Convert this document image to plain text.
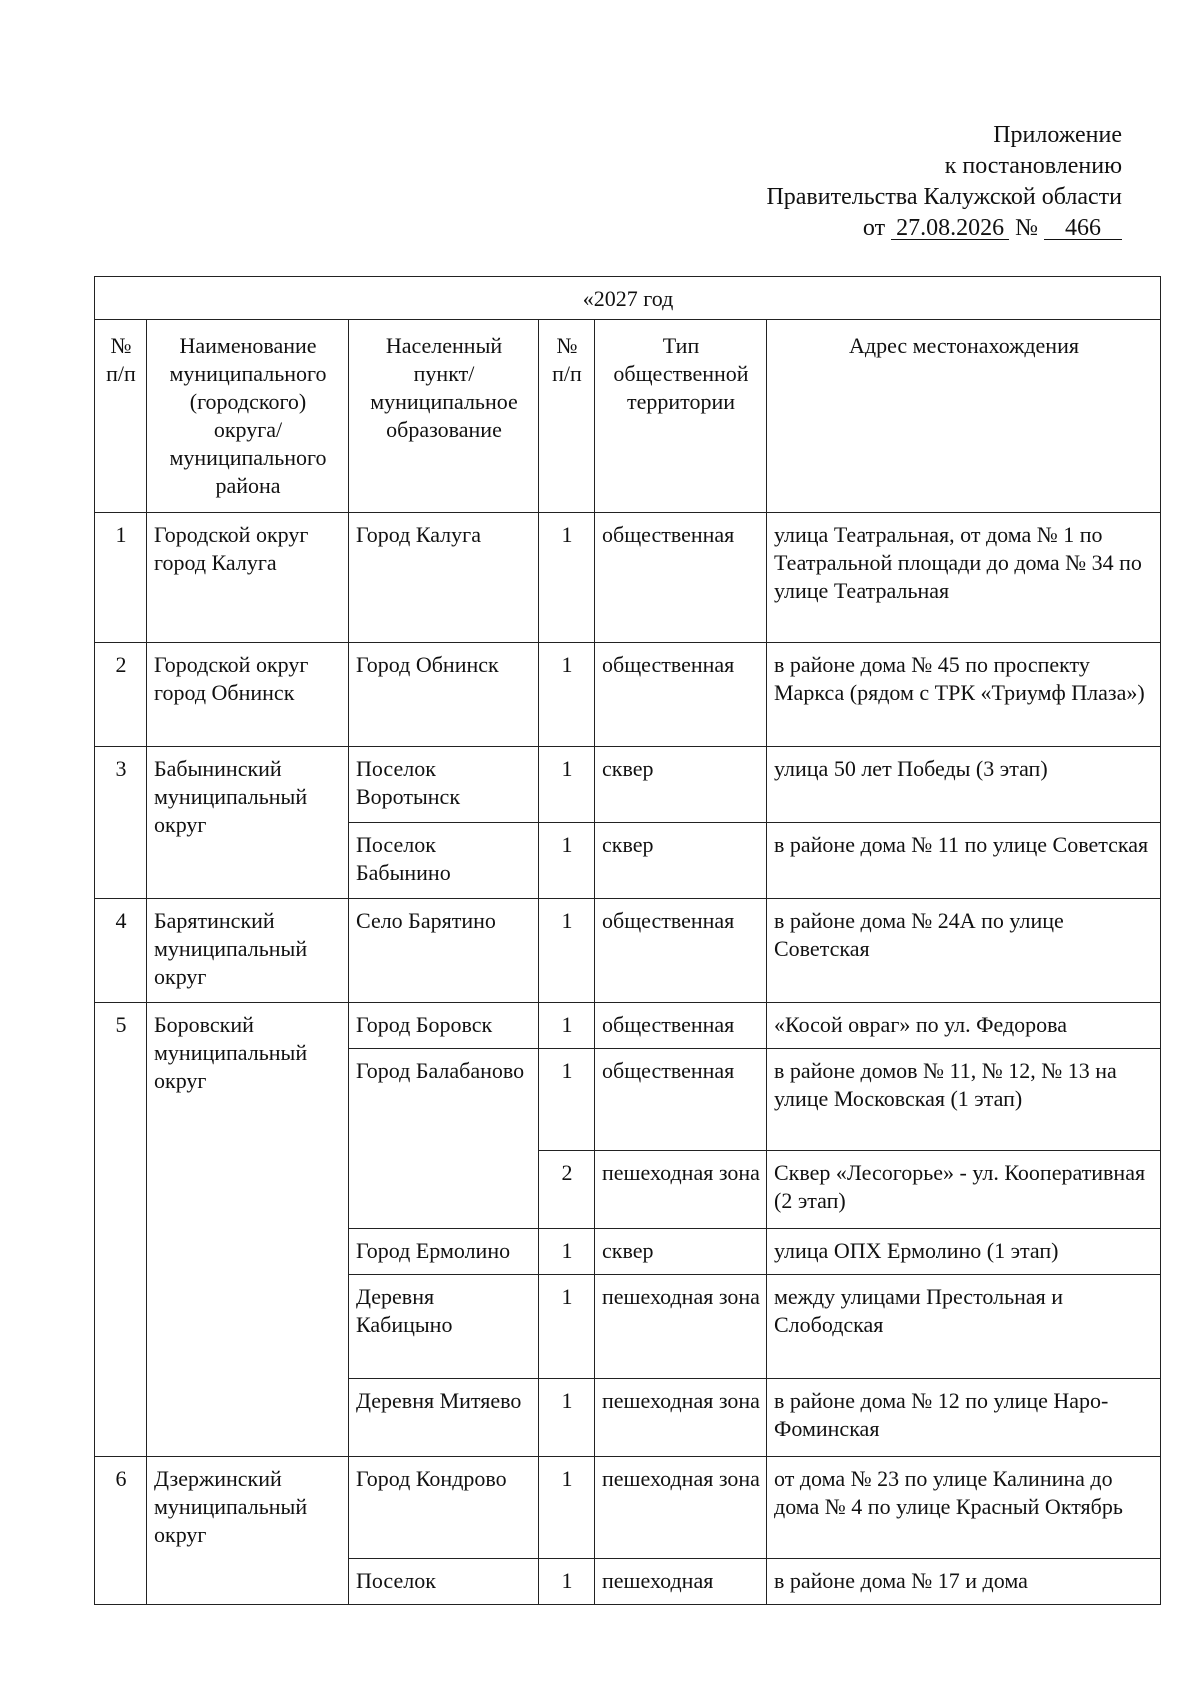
Приложение
к постановлению
Правительства Калужской области
от 27.08.2026 № 466
«2027 год					
№ п/п	Наименование муниципального (городского) округа/ муниципального района	Населенный пункт/ муниципальное образование	№ п/п	Тип общественной территории	Адрес местонахождения
1	Городской округ город Калуга	Город Калуга	1	общественная	улица Театральная, от дома № 1 по Театральной площади до дома № 34 по улице Театральная
2	Городской округ город Обнинск	Город Обнинск	1	общественная	в районе дома № 45 по проспекту Маркса (рядом с ТРК «Триумф Плаза»)
3	Бабынинский муниципальный округ	Поселок Воротынск	1	сквер	улица 50 лет Победы (3 этап)
		Поселок Бабынино	1	сквер	в районе дома № 11 по улице Советская
4	Барятинский муниципальный округ	Село Барятино	1	общественная	в районе дома № 24А по улице Советская
5	Боровский муниципальный округ	Город Боровск	1	общественная	«Косой овраг» по ул. Федорова
		Город Балабаново	1	общественная	в районе домов № 11, № 12, № 13 на улице Московская (1 этап)
			2	пешеходная зона	Сквер «Лесогорье» - ул. Кооперативная (2 этап)
		Город Ермолино	1	сквер	улица ОПХ Ермолино (1 этап)
		Деревня Кабицыно	1	пешеходная зона	между улицами Престольная и Слободская
		Деревня Митяево	1	пешеходная зона	в районе дома № 12 по улице Наро-Фоминская
6	Дзержинский муниципальный округ	Город Кондрово	1	пешеходная зона	от дома № 23 по улице Калинина до дома № 4 по улице Красный Октябрь
		Поселок	1	пешеходная	в районе дома № 17 и дома
